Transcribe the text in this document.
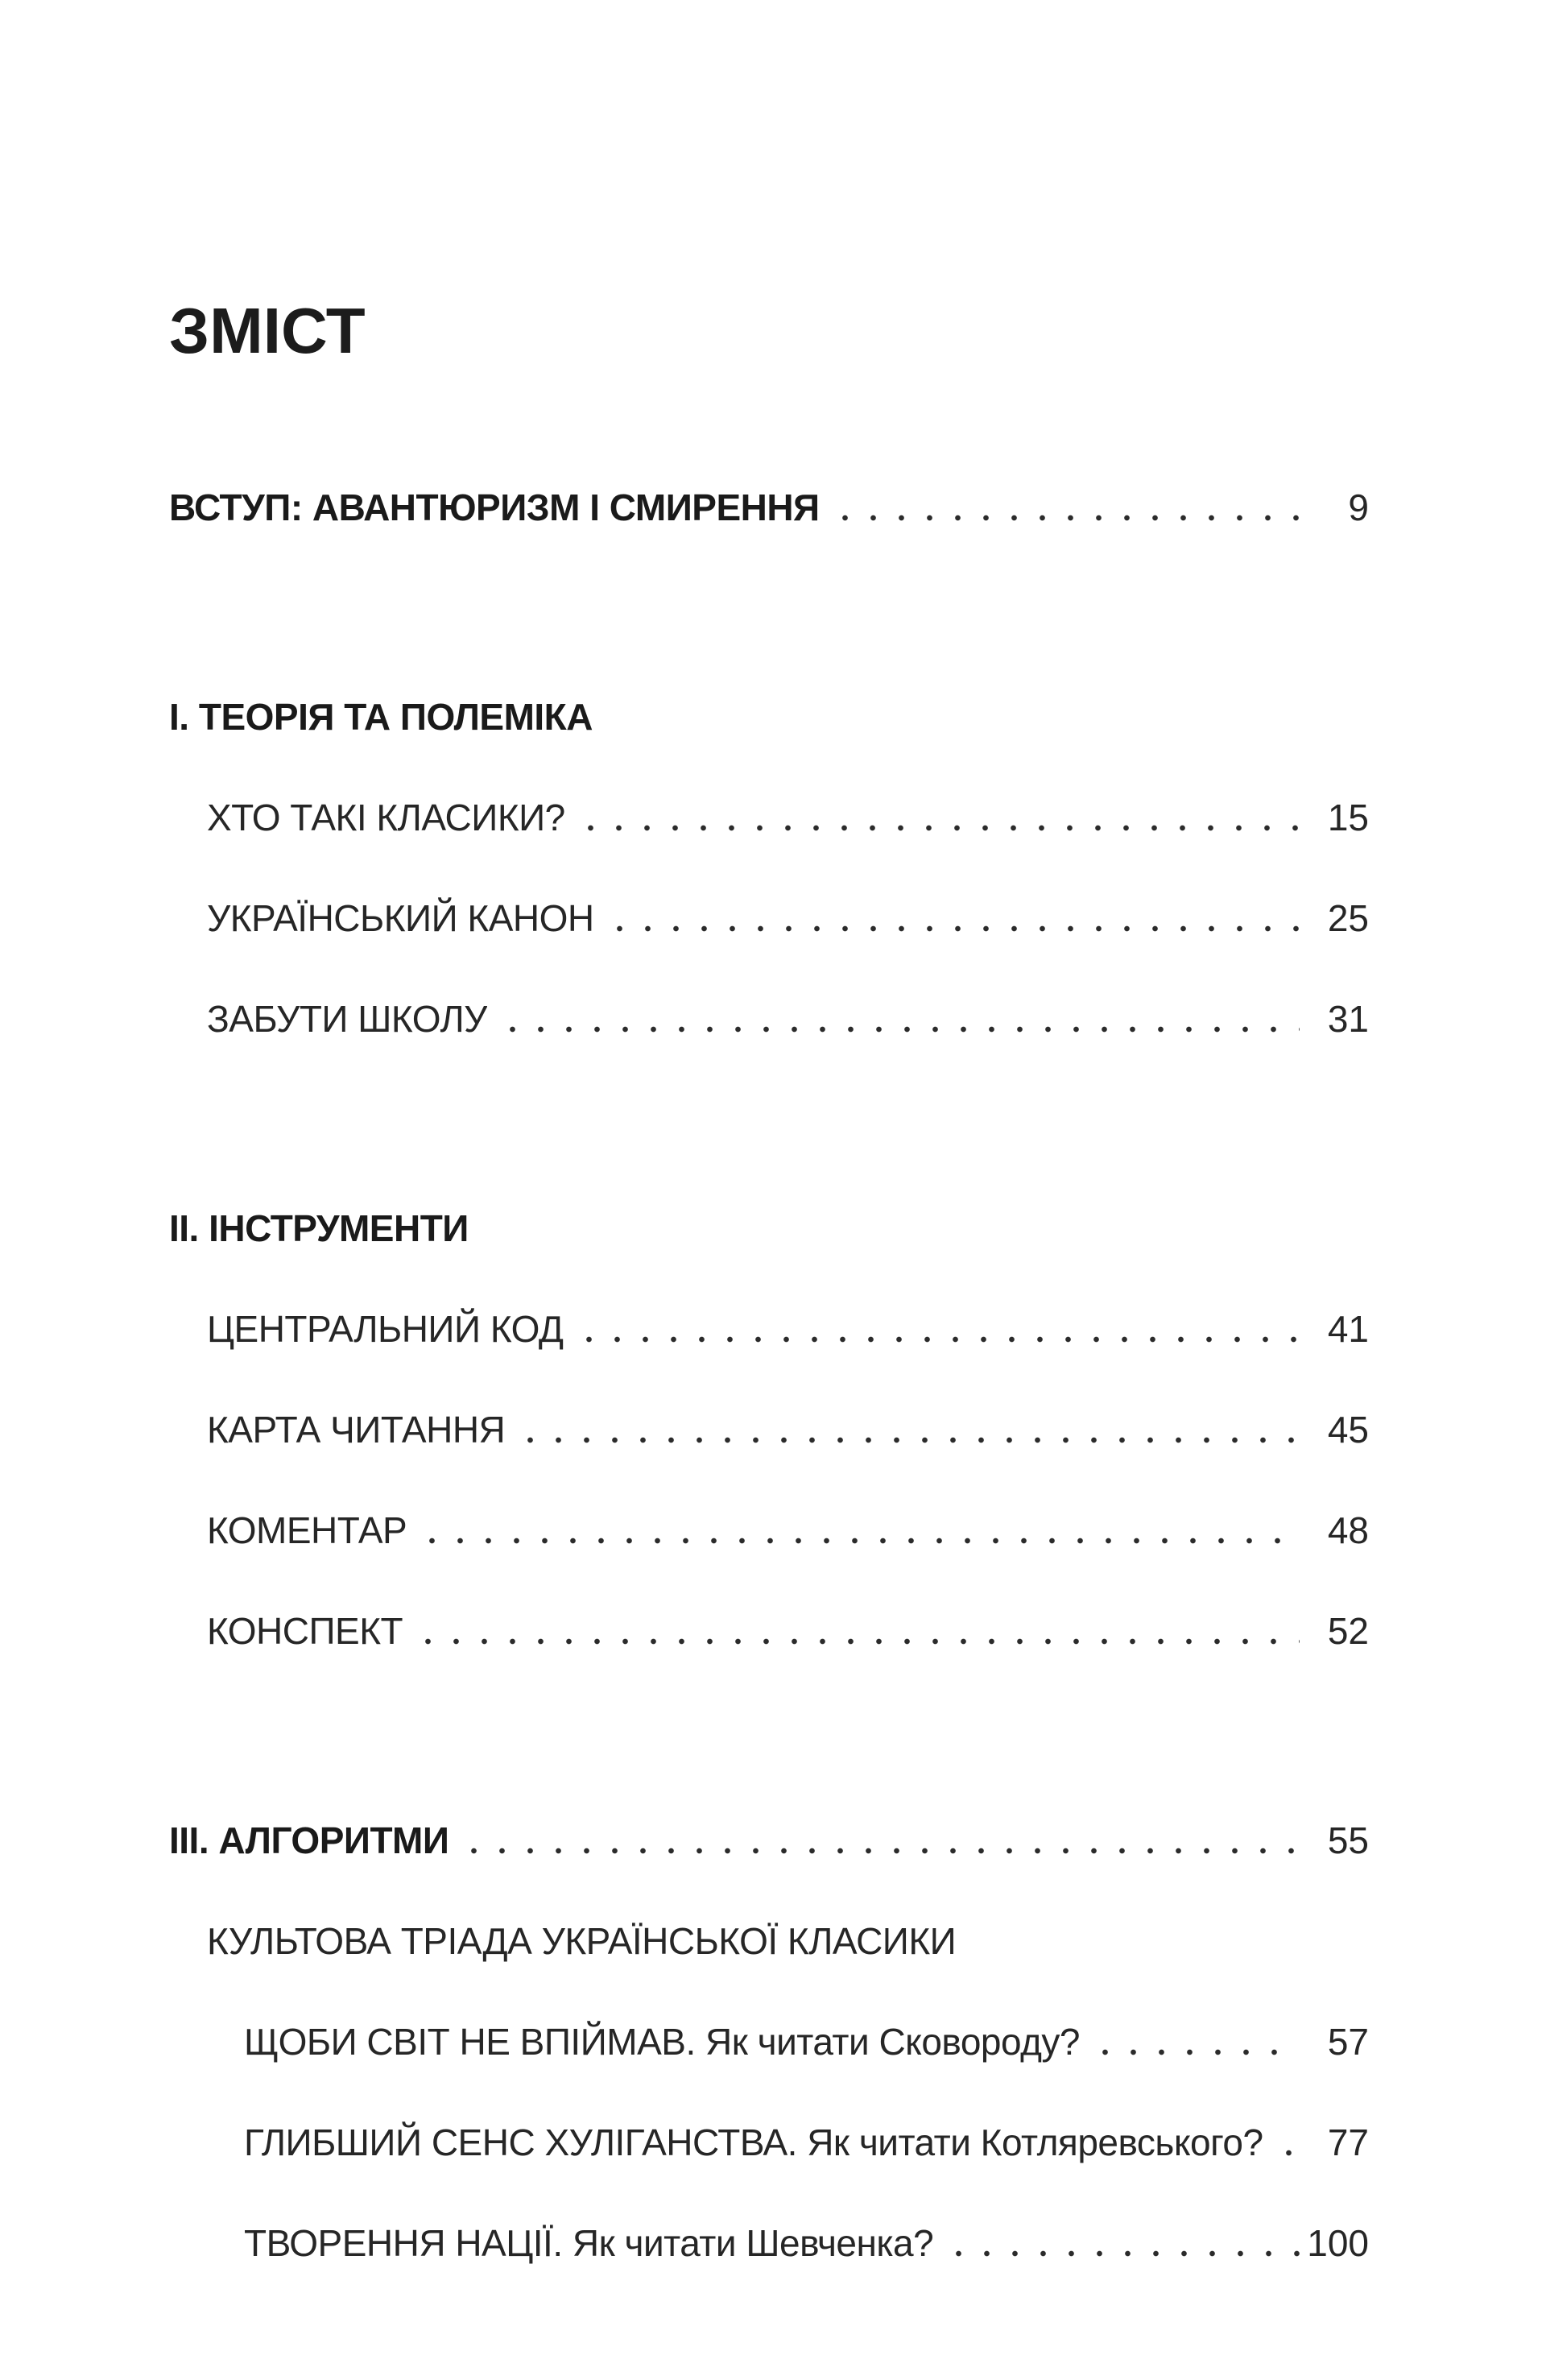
ЗМІСТ
ВСТУП: АВАНТЮРИЗМ І СМИРЕННЯ	9
I. ТЕОРІЯ ТА ПОЛЕМІКА
ХТО ТАКІ КЛАСИКИ?	15
УКРАЇНСЬКИЙ КАНОН	25
ЗАБУТИ ШКОЛУ	31
II. ІНСТРУМЕНТИ
ЦЕНТРАЛЬНИЙ КОД	41
КАРТА ЧИТАННЯ	45
КОМЕНТАР	48
КОНСПЕКТ	52
III. АЛГОРИТМИ	55
КУЛЬТОВА ТРІАДА УКРАЇНСЬКОЇ КЛАСИКИ
ЩОБИ СВІТ НЕ ВПІЙМАВ. Як читати Сковороду?	57
ГЛИБШИЙ СЕНС ХУЛІГАНСТВА. Як читати Котляревського?	77
ТВОРЕННЯ НАЦІЇ. Як читати Шевченка?	100
